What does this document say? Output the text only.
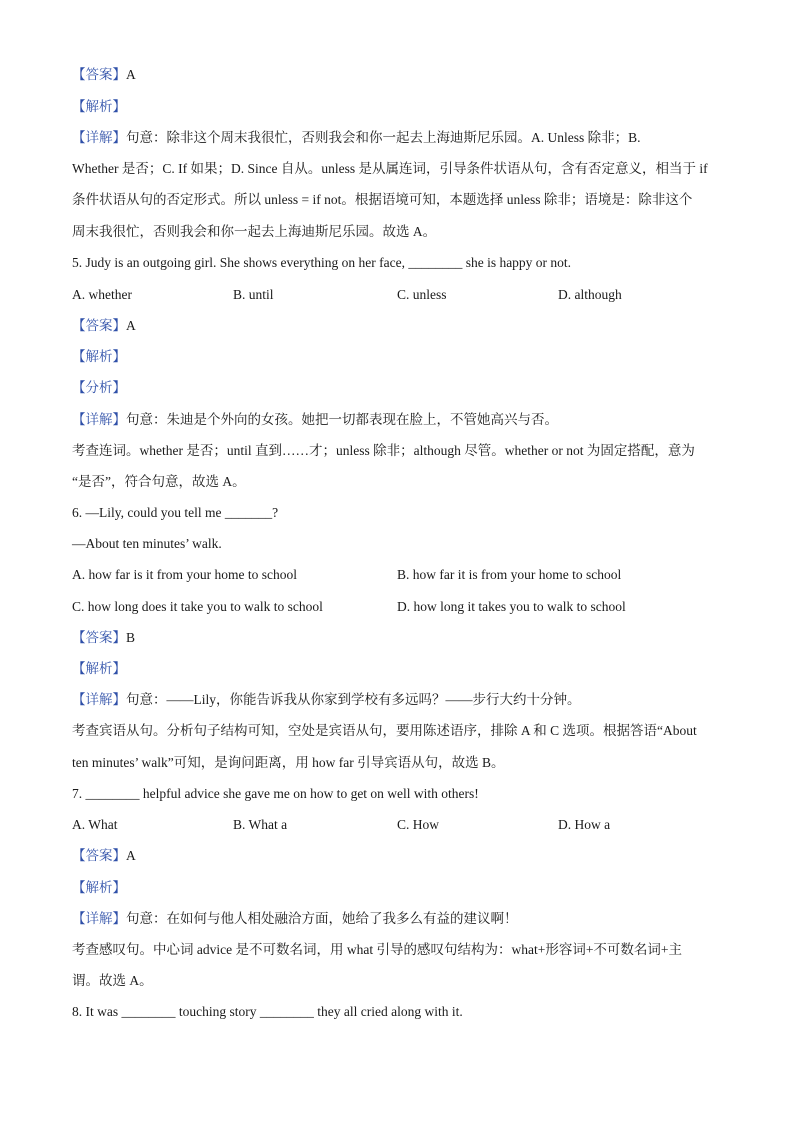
【答案】A
【解析】
【详解】句意：除非这个周末我很忙，否则我会和你一起去上海迪斯尼乐园。A. Unless 除非；B.
Whether 是否；C. If 如果；D. Since 自从。unless 是从属连词，引导条件状语从句，含有否定意义，相当于 if
条件状语从句的否定形式。所以 unless = if not。根据语境可知，本题选择 unless 除非；语境是：除非这个
周末我很忙，否则我会和你一起去上海迪斯尼乐园。故选 A。
5. Judy is an outgoing girl. She shows everything on her face, ________ she is happy or not.
A. whether	B. until	C. unless	D. although
【答案】A
【解析】
【分析】
【详解】句意：朱迪是个外向的女孩。她把一切都表现在脸上，不管她高兴与否。
考查连词。whether 是否；until 直到……才；unless 除非；although 尽管。whether or not 为固定搭配，意为
“是否”，符合句意，故选 A。
6. —Lily, could you tell me _______?
—About ten minutes’ walk.
A. how far is it from your home to school	B. how far it is from your home to school
C. how long does it take you to walk to school	D. how long it takes you to walk to school
【答案】B
【解析】
【详解】句意：——Lily，你能告诉我从你家到学校有多远吗？——步行大约十分钟。
考查宾语从句。分析句子结构可知，空处是宾语从句，要用陈述语序，排除 A 和 C 选项。根据答语“About
ten minutes’ walk”可知，是询问距离，用 how far 引导宾语从句，故选 B。
7. ________ helpful advice she gave me on how to get on well with others!
A. What	B. What a	C. How	D. How a
【答案】A
【解析】
【详解】句意：在如何与他人相处融洽方面，她给了我多么有益的建议啊！
考查感叹句。中心词 advice 是不可数名词，用 what 引导的感叹句结构为：what+形容词+不可数名词+主
谓。故选 A。
8. It was ________ touching story ________ they all cried along with it.
